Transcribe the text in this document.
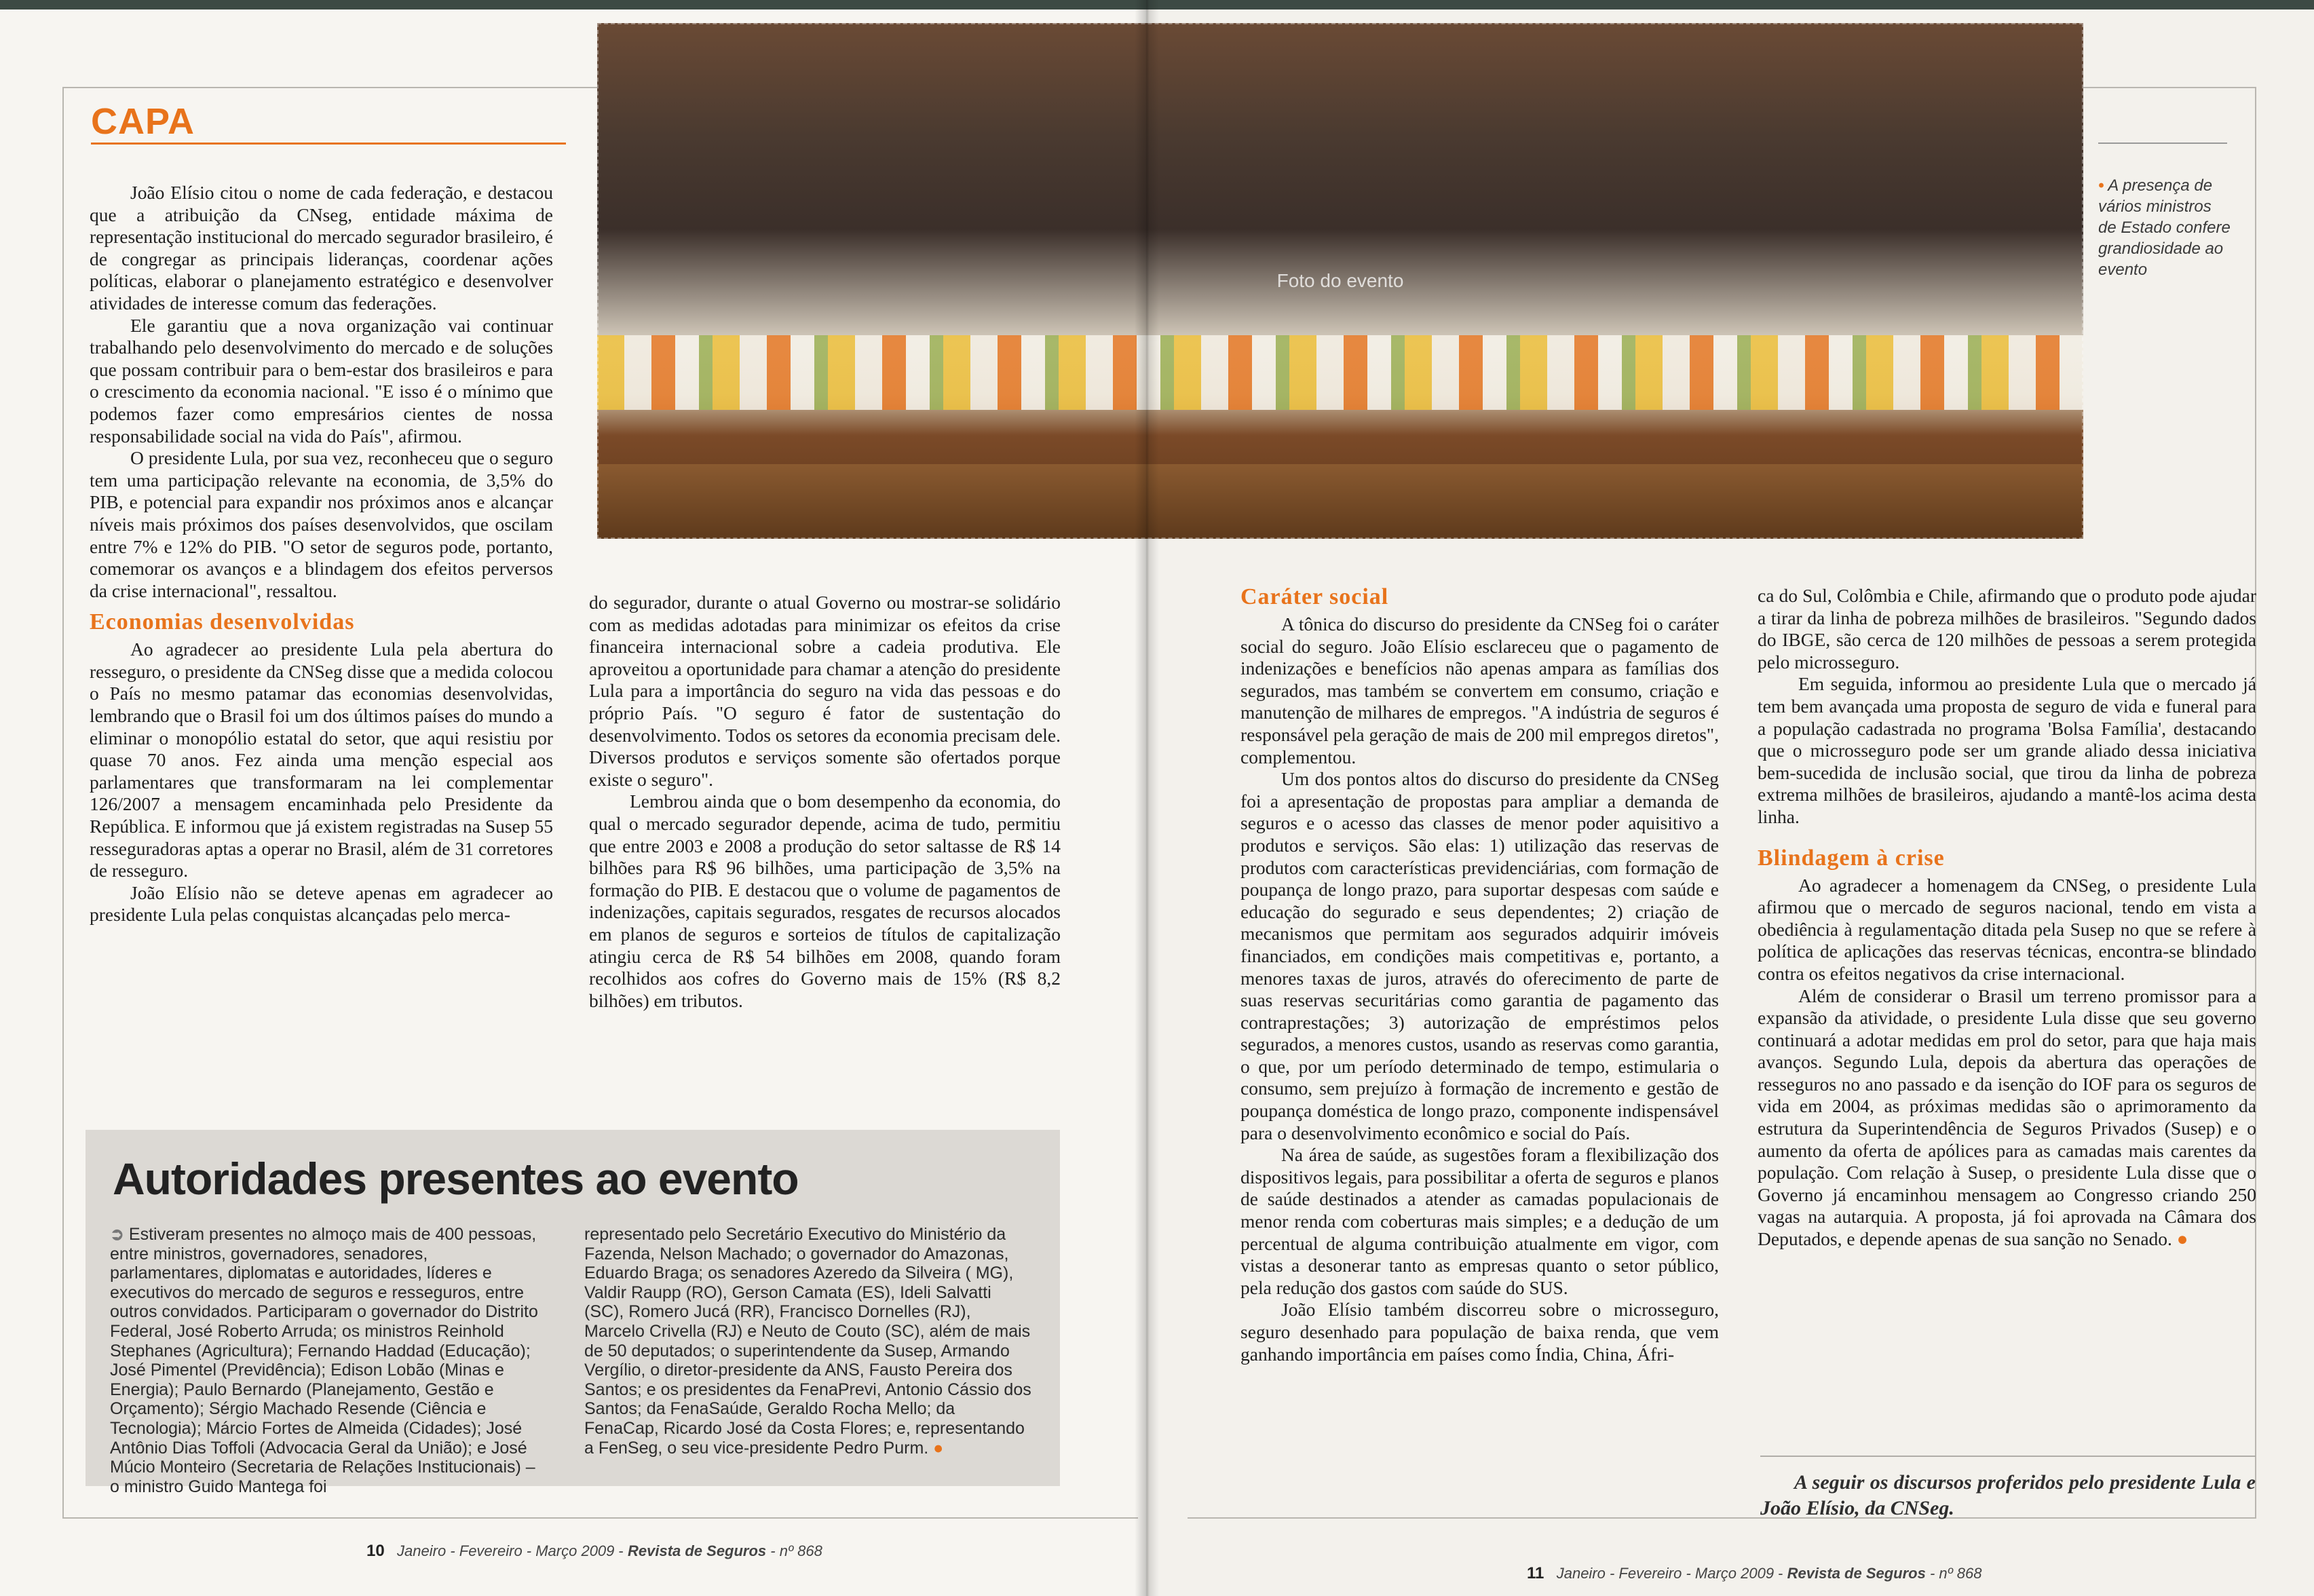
CAPA

João Elísio citou o nome de cada federação, e destacou que a atribuição da CNseg, entidade máxima de representação institucional do mercado segurador brasileiro, é de congregar as principais lideranças, coordenar ações políticas, elaborar o planejamento estratégico e desenvolver atividades de interesse comum das federações.

Ele garantiu que a nova organização vai continuar trabalhando pelo desenvolvimento do mercado e de soluções que possam contribuir para o bem-estar dos brasileiros e para o crescimento da economia nacional. "E isso é o mínimo que podemos fazer como empresários cientes de nossa responsabilidade social na vida do País", afirmou.

O presidente Lula, por sua vez, reconheceu que o seguro tem uma participação relevante na economia, de 3,5% do PIB, e potencial para expandir nos próximos anos e alcançar níveis mais próximos dos países desenvolvidos, que oscilam entre 7% e 12% do PIB. "O setor de seguros pode, portanto, comemorar os avanços e a blindagem dos efeitos perversos da crise internacional", ressaltou.

Economias desenvolvidas

Ao agradecer ao presidente Lula pela abertura do resseguro, o presidente da CNSeg disse que a medida colocou o País no mesmo patamar das economias desenvolvidas, lembrando que o Brasil foi um dos últimos países do mundo a eliminar o monopólio estatal do setor, que aqui resistiu por quase 70 anos. Fez ainda uma menção especial aos parlamentares que transformaram na lei complementar 126/2007 a mensagem encaminhada pelo Presidente da República. E informou que já existem registradas na Susep 55 resseguradoras aptas a operar no Brasil, além de 31 corretores de resseguro.

João Elísio não se deteve apenas em agradecer ao presidente Lula pelas conquistas alcançadas pelo merca-

do segurador, durante o atual Governo ou mostrar-se solidário com as medidas adotadas para minimizar os efeitos da crise financeira internacional sobre a cadeia produtiva. Ele aproveitou a oportunidade para chamar a atenção do presidente Lula para a importância do seguro na vida das pessoas e do próprio País. "O seguro é fator de sustentação do desenvolvimento. Todos os setores da economia precisam dele. Diversos produtos e serviços somente são ofertados porque existe o seguro".

Lembrou ainda que o bom desempenho da economia, do qual o mercado segurador depende, acima de tudo, permitiu que entre 2003 e 2008 a produção do setor saltasse de R$ 14 bilhões para R$ 96 bilhões, uma participação de 3,5% na formação do PIB. E destacou que o volume de pagamentos de indenizações, capitais segurados, resgates de recursos alocados em planos de seguros e sorteios de títulos de capitalização atingiu cerca de R$ 54 bilhões em 2008, quando foram recolhidos aos cofres do Governo mais de 15% (R$ 8,2 bilhões) em tributos.

Autoridades presentes ao evento
➲ Estiveram presentes no almoço mais de 400 pessoas, entre ministros, governadores, senadores, parlamentares, diplomatas e autoridades, líderes e executivos do mercado de seguros e resseguros, entre outros convidados. Participaram o governador do Distrito Federal, José Roberto Arruda; os ministros Reinhold Stephanes (Agricultura); Fernando Haddad (Educação); José Pimentel (Previdência); Edison Lobão (Minas e Energia); Paulo Bernardo (Planejamento, Gestão e Orçamento); Sérgio Machado Resende (Ciência e Tecnologia); Márcio Fortes de Almeida (Cidades); José Antônio Dias Toffoli (Advocacia Geral da União); e José Múcio Monteiro (Secretaria de Relações Institucionais) – o ministro Guido Mantega foi
representado pelo Secretário Executivo do Ministério da Fazenda, Nelson Machado; o governador do Amazonas, Eduardo Braga; os senadores Azeredo da Silveira ( MG), Valdir Raupp (RO), Gerson Camata (ES), Ideli Salvatti (SC), Romero Jucá (RR), Francisco Dornelles (RJ), Marcelo Crivella (RJ) e Neuto de Couto (SC), além de mais de 50 deputados; o superintendente da Susep, Armando Vergílio, o diretor-presidente da ANS, Fausto Pereira dos Santos; e os presidentes da FenaPrevi, Antonio Cássio dos Santos; da FenaSaúde, Geraldo Rocha Mello; da FenaCap, Ricardo José da Costa Flores; e, representando a FenSeg, o seu vice-presidente Pedro Purm. ●
10 Janeiro - Fevereiro - Março 2009 - Revista de Seguros - nº 868
11 Janeiro - Fevereiro - Março 2009 - Revista de Seguros - nº 868
Foto do evento
• A presença de vários ministros de Estado confere grandiosidade ao evento
Caráter social

A tônica do discurso do presidente da CNSeg foi o caráter social do seguro. João Elísio esclareceu que o pagamento de indenizações e benefícios não apenas ampara as famílias dos segurados, mas também se convertem em consumo, criação e manutenção de milhares de empregos. "A indústria de seguros é responsável pela geração de mais de 200 mil empregos diretos", complementou.

Um dos pontos altos do discurso do presidente da CNSeg foi a apresentação de propostas para ampliar a demanda de seguros e o acesso das classes de menor poder aquisitivo a produtos e serviços. São elas: 1) utilização das reservas de produtos com características previdenciárias, com formação de poupança de longo prazo, para suportar despesas com saúde e educação do segurado e seus dependentes; 2) criação de mecanismos que permitam aos segurados adquirir imóveis financiados, em condições mais competitivas e, portanto, a menores taxas de juros, através do oferecimento de parte de suas reservas securitárias como garantia de pagamento das contraprestações; 3) autorização de empréstimos pelos segurados, a menores custos, usando as reservas como garantia, o que, por um período determinado de tempo, estimularia o consumo, sem prejuízo à formação de incremento e gestão de poupança doméstica de longo prazo, componente indispensável para o desenvolvimento econômico e social do País.

Na área de saúde, as sugestões foram a flexibilização dos dispositivos legais, para possibilitar a oferta de seguros e planos de saúde destinados a atender as camadas populacionais de menor renda com coberturas mais simples; e a dedução de um percentual de alguma contribuição atualmente em vigor, com vistas a desonerar tanto as empresas quanto o setor público, pela redução dos gastos com saúde do SUS.

João Elísio também discorreu sobre o microsseguro, seguro desenhado para população de baixa renda, que vem ganhando importância em países como Índia, China, Áfri-

ca do Sul, Colômbia e Chile, afirmando que o produto pode ajudar a tirar da linha de pobreza milhões de brasileiros. "Segundo dados do IBGE, são cerca de 120 milhões de pessoas a serem protegida pelo microsseguro.

Em seguida, informou ao presidente Lula que o mercado já tem bem avançada uma proposta de seguro de vida e funeral para a população cadastrada no programa 'Bolsa Família', destacando que o microsseguro pode ser um grande aliado dessa iniciativa bem-sucedida de inclusão social, que tirou da linha de pobreza extrema milhões de brasileiros, ajudando a mantê-los acima desta linha.

Blindagem à crise

Ao agradecer a homenagem da CNSeg, o presidente Lula afirmou que o mercado de seguros nacional, tendo em vista a obediência à regulamentação ditada pela Susep no que se refere à política de aplicações das reservas técnicas, encontra-se blindado contra os efeitos negativos da crise internacional.

Além de considerar o Brasil um terreno promissor para a expansão da atividade, o presidente Lula disse que seu governo continuará a adotar medidas em prol do setor, para que haja mais avanços. Segundo Lula, depois da abertura das operações de resseguros no ano passado e da isenção do IOF para os seguros de vida em 2004, as próximas medidas são o aprimoramento da estrutura da Superintendência de Seguros Privados (Susep) e o aumento da oferta de apólices para as camadas mais carentes da população. Com relação à Susep, o presidente Lula disse que o Governo já encaminhou mensagem ao Congresso criando 250 vagas na autarquia. A proposta, já foi aprovada na Câmara dos Deputados, e depende apenas de sua sanção no Senado. ●

A seguir os discursos proferidos pelo presidente Lula e João Elísio, da CNSeg.
